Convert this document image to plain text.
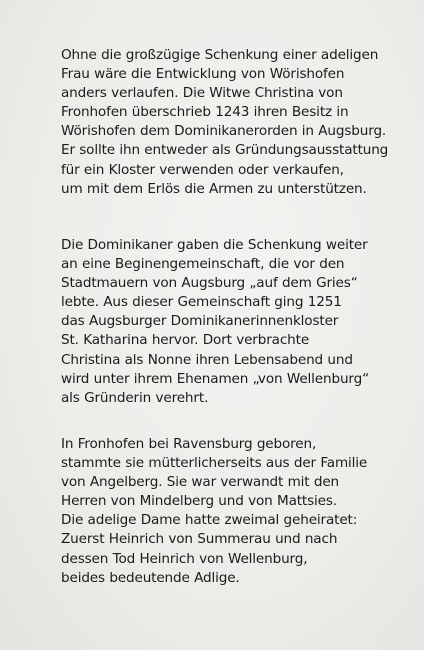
Ohne die großzügige Schenkung einer adeligen
Frau wäre die Entwicklung von Wörishofen
anders verlaufen. Die Witwe Christina von
Fronhofen überschrieb 1243 ihren Besitz in
Wörishofen dem Dominikanerorden in Augsburg.
Er sollte ihn entweder als Gründungsausstattung
für ein Kloster verwenden oder verkaufen,
um mit dem Erlös die Armen zu unterstützen.

Die Dominikaner gaben die Schenkung weiter
an eine Beginengemeinschaft, die vor den
Stadtmauern von Augsburg „auf dem Gries“
lebte. Aus dieser Gemeinschaft ging 1251
das Augsburger Dominikanerinnenkloster
St. Katharina hervor. Dort verbrachte
Christina als Nonne ihren Lebensabend und
wird unter ihrem Ehenamen „von Wellenburg“
als Gründerin verehrt.

In Fronhofen bei Ravensburg geboren,
stammte sie mütterlicherseits aus der Familie
von Angelberg. Sie war verwandt mit den
Herren von Mindelberg und von Mattsies.
Die adelige Dame hatte zweimal geheiratet:
Zuerst Heinrich von Summerau und nach
dessen Tod Heinrich von Wellenburg,
beides bedeutende Adlige.
